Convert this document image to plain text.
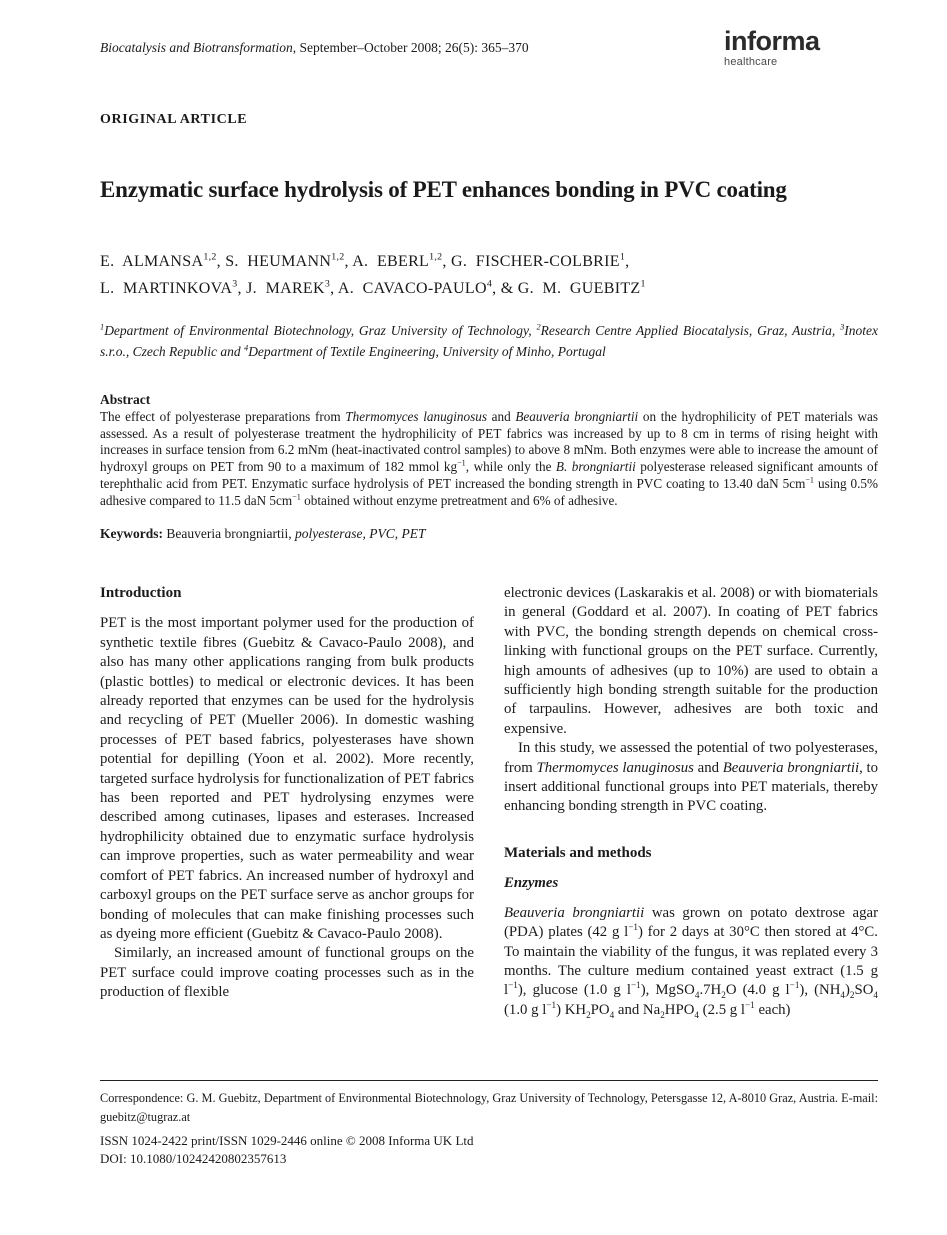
Biocatalysis and Biotransformation, September–October 2008; 26(5): 365–370	informa
healthcare
ORIGINAL ARTICLE
Enzymatic surface hydrolysis of PET enhances bonding in PVC coating
E.  ALMANSA$^{1,2}$, S.  HEUMANN$^{1,2}$, A.  EBERL$^{1,2}$, G.  FISCHER-COLBRIE$^1$,
L.  MARTINKOVA$^3$, J.  MAREK$^3$, A.  CAVACO-PAULO$^4$, & G.  M.  GUEBITZ$^1$
$^1$Department of Environmental Biotechnology, Graz University of Technology, $^2$Research Centre Applied Biocatalysis, Graz, Austria, $^3$Inotex s.r.o., Czech Republic and $^4$Department of Textile Engineering, University of Minho, Portugal
Abstract
The effect of polyesterase preparations from Thermomyces lanuginosus and Beauveria brongniartii on the hydrophilicity of PET materials was assessed. As a result of polyesterase treatment the hydrophilicity of PET fabrics was increased by up to 8 cm in terms of rising height with increases in surface tension from 6.2 mNm (heat-inactivated control samples) to above 8 mNm. Both enzymes were able to increase the amount of hydroxyl groups on PET from 90 to a maximum of 182 mmol $kg^{-1}$, while only the B. brongniartii polyesterase released significant amounts of terephthalic acid from PET. Enzymatic surface hydrolysis of PET increased the bonding strength in PVC coating to 13.40 daN $5cm^{-1}$ using 0.5% adhesive compared to 11.5 daN $5cm^{-1}$ obtained without enzyme pretreatment and 6% of adhesive.
Keywords: Beauveria brongniartii, polyesterase, PVC, PET
Introduction

PET is the most important polymer used for the production of synthetic textile fibres (Guebitz & Cavaco-Paulo 2008), and also has many other applications ranging from bulk products (plastic bottles) to medical or electronic devices. It has been already reported that enzymes can be used for the hydrolysis and recycling of PET (Mueller 2006). In domestic washing processes of PET based fabrics, polyesterases have shown potential for depilling (Yoon et al. 2002). More recently, targeted surface hydrolysis for functionalization of PET fabrics has been reported and PET hydrolysing enzymes were described among cutinases, lipases and esterases. Increased hydrophilicity obtained due to enzymatic surface hydrolysis can improve properties, such as water permeability and wear comfort of PET fabrics. An increased number of hydroxyl and carboxyl groups on the PET surface serve as anchor groups for bonding of molecules that can make finishing processes such as dyeing more efficient (Guebitz & Cavaco-Paulo 2008).

Similarly, an increased amount of functional groups on the PET surface could improve coating processes such as in the production of flexible

electronic devices (Laskarakis et al. 2008) or with biomaterials in general (Goddard et al. 2007). In coating of PET fabrics with PVC, the bonding strength depends on chemical cross-linking with functional groups on the PET surface. Currently, high amounts of adhesives (up to 10%) are used to obtain a sufficiently high bonding strength suitable for the production of tarpaulins. However, adhesives are both toxic and expensive.

In this study, we assessed the potential of two polyesterases, from Thermomyces lanuginosus and Beauveria brongniartii, to insert additional functional groups into PET materials, thereby enhancing bonding strength in PVC coating.

Materials and methods
Enzymes

Beauveria brongniartii was grown on potato dextrose agar (PDA) plates (42 g $l^{-1}$) for 2 days at 30°C then stored at 4°C. To maintain the viability of the fungus, it was replated every 3 months. The culture medium contained yeast extract (1.5 g $l^{-1}$), glucose (1.0 g $l^{-1}$), $MgSO_4.7H_2O$ (4.0 g $l^{-1}$), $(NH_4)_2SO_4$ (1.0 g $l^{-1}$) $KH_2PO_4$ and $Na_2HPO_4$ (2.5 g $l^{-1}$ each)

Correspondence: G. M. Guebitz, Department of Environmental Biotechnology, Graz University of Technology, Petersgasse 12, A-8010 Graz, Austria. E-mail: guebitz@tugraz.at
ISSN 1024-2422 print/ISSN 1029-2446 online © 2008 Informa UK Ltd
DOI: 10.1080/10242420802357613
